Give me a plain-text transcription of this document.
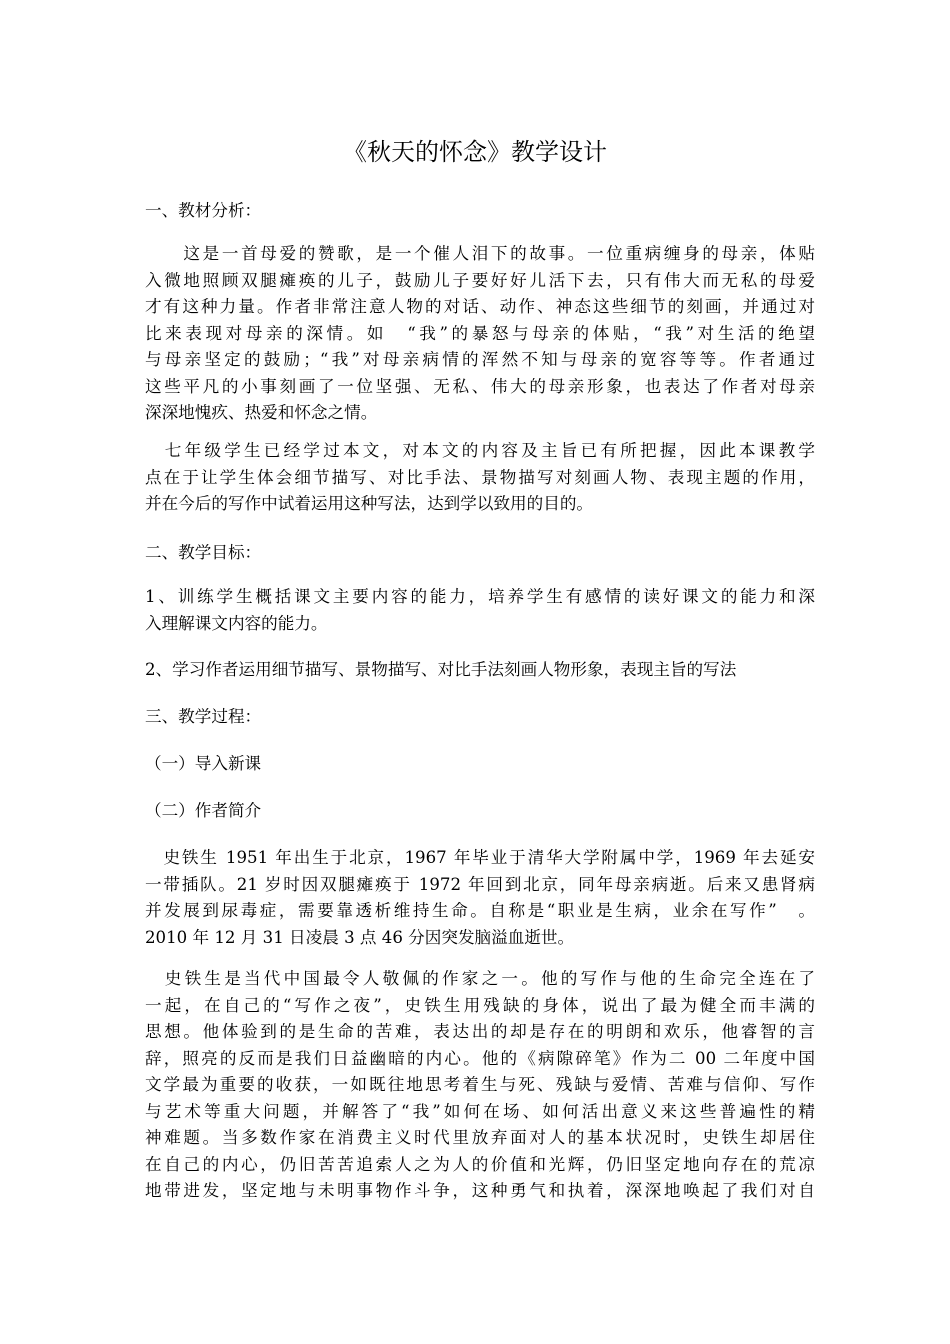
《秋天的怀念》教学设计

一、教材分析：

　　这是一首母爱的赞歌，是一个催人泪下的故事。一位重病缠身的母亲，体贴
入微地照顾双腿瘫痪的儿子，鼓励儿子要好好儿活下去，只有伟大而无私的母爱
才有这种力量。作者非常注意人物的对话、动作、神态这些细节的刻画，并通过对
比来表现对母亲的深情。如　“我”的暴怒与母亲的体贴，“我”对生活的绝望
与母亲坚定的鼓励；“我”对母亲病情的浑然不知与母亲的宽容等等。作者通过
这些平凡的小事刻画了一位坚强、无私、伟大的母亲形象，也表达了作者对母亲
深深地愧疚、热爱和怀念之情。
　七年级学生已经学过本文，对本文的内容及主旨已有所把握，因此本课教学
点在于让学生体会细节描写、对比手法、景物描写对刻画人物、表现主题的作用，
并在今后的写作中试着运用这种写法，达到学以致用的目的。

二、教学目标：

1、训练学生概括课文主要内容的能力，培养学生有感情的读好课文的能力和深
入理解课文内容的能力。

2、学习作者运用细节描写、景物描写、对比手法刻画人物形象，表现主旨的写法

三、教学过程：

（一）导入新课

（二）作者简介

　史铁生 1951 年出生于北京，1967 年毕业于清华大学附属中学，1969 年去延安
一带插队。21 岁时因双腿瘫痪于 1972 年回到北京，同年母亲病逝。后来又患肾病
并发展到尿毒症，需要靠透析维持生命。自称是“职业是生病，业余在写作”　。
2010 年 12 月 31 日凌晨 3 点 46 分因突发脑溢血逝世。
　史铁生是当代中国最令人敬佩的作家之一。他的写作与他的生命完全连在了
一起，在自己的“写作之夜”，史铁生用残缺的身体，说出了最为健全而丰满的
思想。他体验到的是生命的苦难，表达出的却是存在的明朗和欢乐，他睿智的言
辞，照亮的反而是我们日益幽暗的内心。他的《病隙碎笔》作为二 00 二年度中国
文学最为重要的收获，一如既往地思考着生与死、残缺与爱情、苦难与信仰、写作
与艺术等重大问题，并解答了“我”如何在场、如何活出意义来这些普遍性的精
神难题。当多数作家在消费主义时代里放弃面对人的基本状况时，史铁生却居住
在自己的内心，仍旧苦苦追索人之为人的价值和光辉，仍旧坚定地向存在的荒凉
地带进发，坚定地与未明事物作斗争，这种勇气和执着，深深地唤起了我们对自
